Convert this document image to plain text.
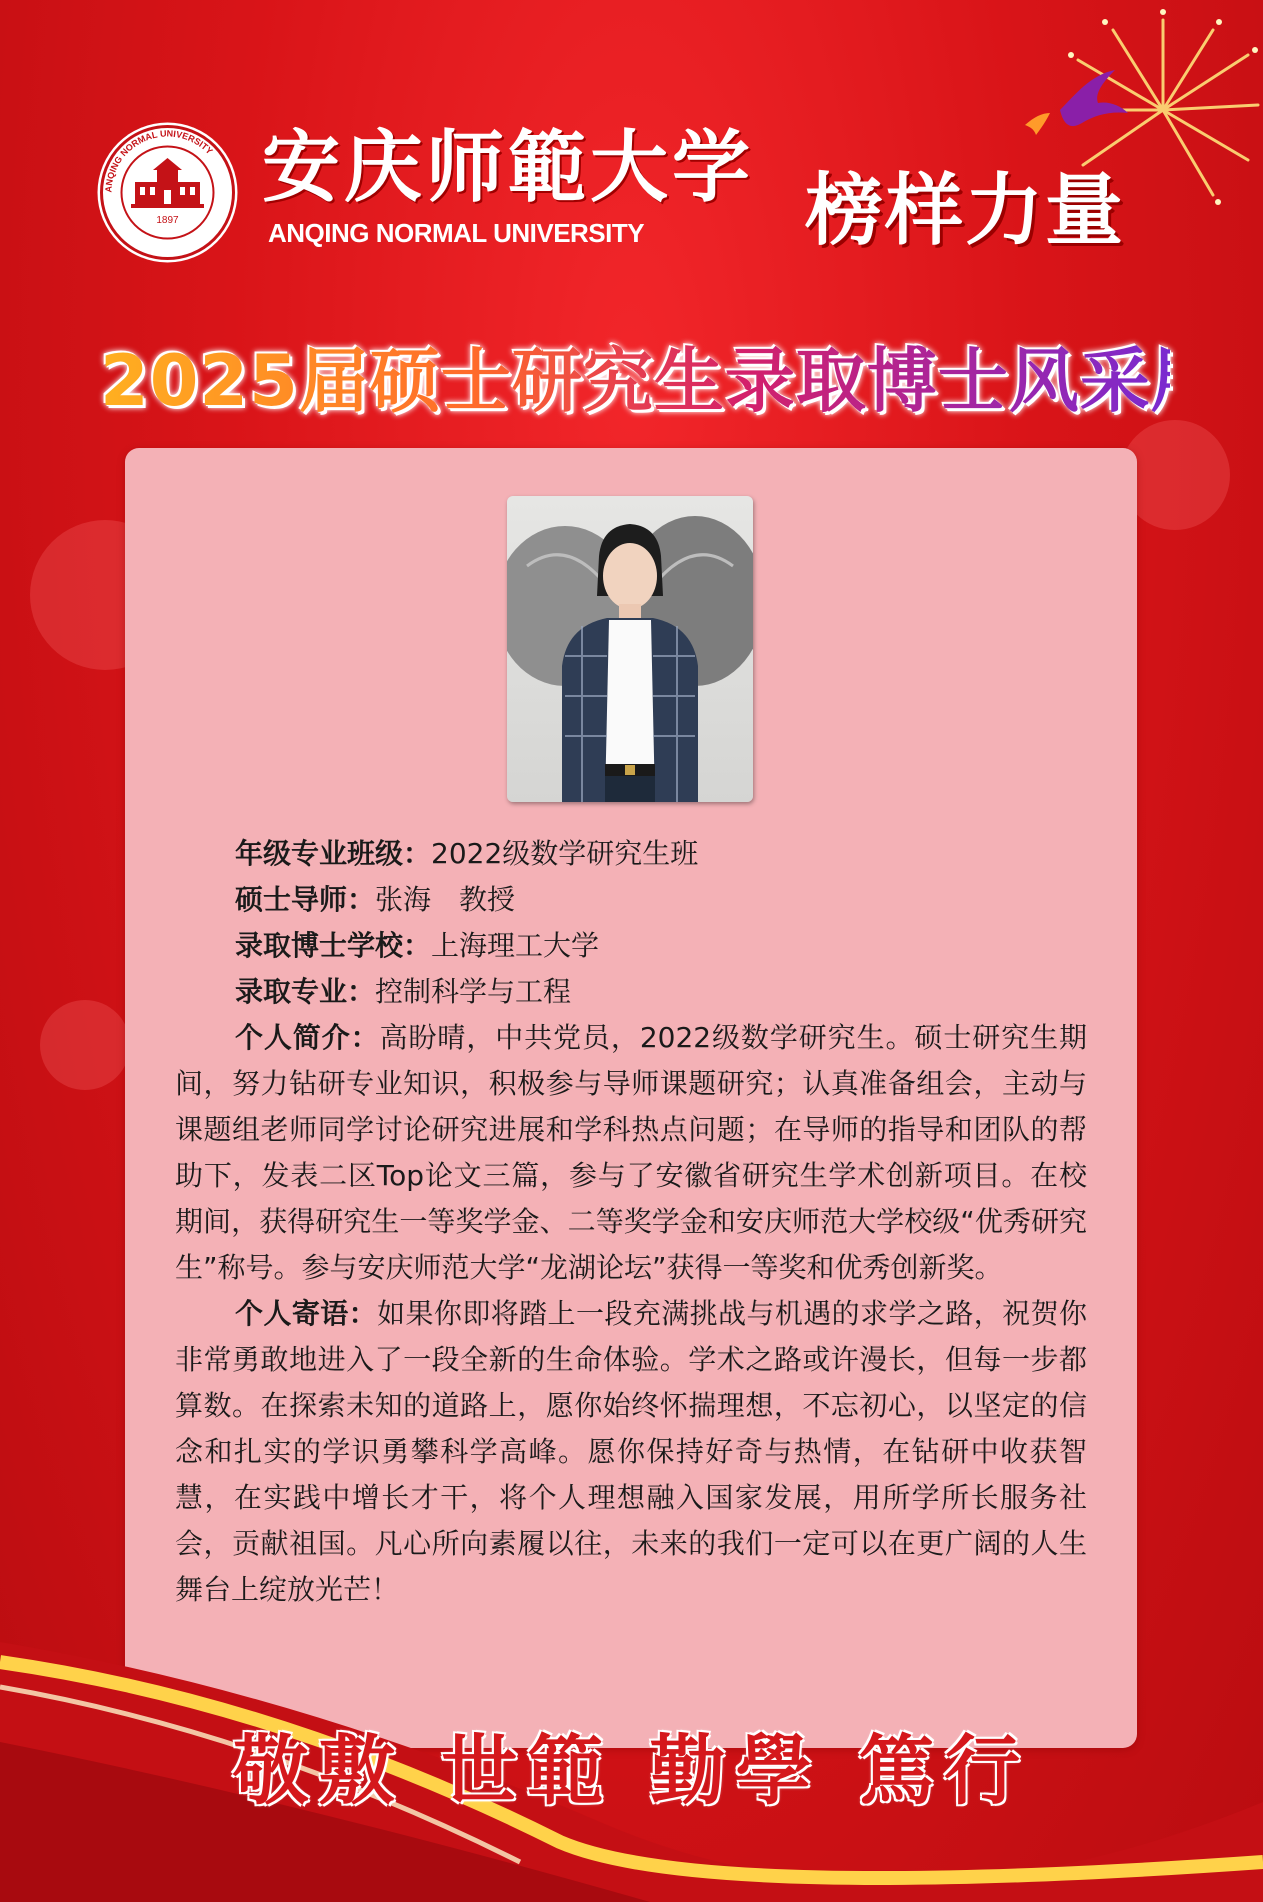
ANQING NORMAL UNIVERSITY
1897
安庆师範大学
ANQING NORMAL UNIVERSITY	榜样力量
2025届硕士研究生录取博士风采展
年级专业班级：2022级数学研究生班
硕士导师：张海　教授
录取博士学校：上海理工大学
录取专业：控制科学与工程

个人简介：高盼晴，中共党员，2022级数学研究生。硕士研究生期间，努力钻研专业知识，积极参与导师课题研究；认真准备组会，主动与课题组老师同学讨论研究进展和学科热点问题；在导师的指导和团队的帮助下，发表二区Top论文三篇，参与了安徽省研究生学术创新项目。在校期间，获得研究生一等奖学金、二等奖学金和安庆师范大学校级“优秀研究生”称号。参与安庆师范大学“龙湖论坛”获得一等奖和优秀创新奖。

个人寄语：如果你即将踏上一段充满挑战与机遇的求学之路，祝贺你非常勇敢地进入了一段全新的生命体验。学术之路或许漫长，但每一步都算数。在探索未知的道路上，愿你始终怀揣理想，不忘初心，以坚定的信念和扎实的学识勇攀科学高峰。愿你保持好奇与热情，在钻研中收获智慧，在实践中增长才干，将个人理想融入国家发展，用所学所长服务社会，贡献祖国。凡心所向素履以往，未来的我们一定可以在更广阔的人生舞台上绽放光芒！

敬敷 世範 勤學 篤行
